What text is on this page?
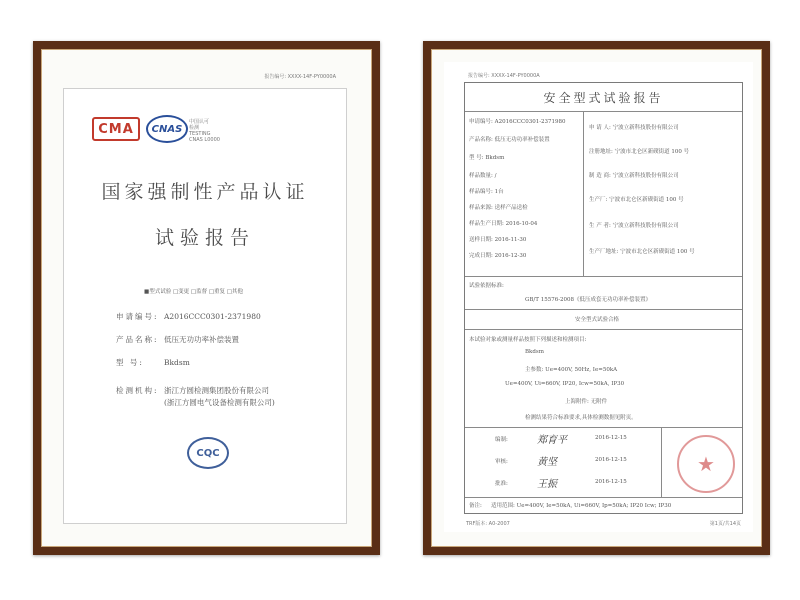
报告编号: XXXX-14F-PY0000A
CMA	CNAS
中国认可
检测
TESTING
CNAS L0000
国家强制性产品认证
试验报告
■型式试验 □变更 □监督 □重复 □其他
申请编号: A2016CCC0301-2371980
产品名称: 低压无功功率补偿装置
型 号:	Bkdsm
检测机构: 浙江方圆检测集团股份有限公司
(浙江方圆电气设备检测有限公司)
CQC
报告编号: XXXX-14F-PY0000A
安全型式试验报告
申请编号: A2016CCC0301-2371980
产品名称: 低压无功功率补偿装置
型 号: Bkdsm
样品数量: /
样品编号: 1台
样品来源: 送样产品送检
样品生产日期: 2016-10-04
送样日期: 2016-11-30
完成日期: 2016-12-30
申 请 人: 宁波立新科技股份有限公司
注册地址: 宁波市北仑区新碶街道 100 号
制 造 商: 宁波立新科技股份有限公司
生产厂: 宁波市北仑区新碶街道 100 号
生 产 者: 宁波立新科技股份有限公司
生产厂地址: 宁波市北仑区新碶街道 100 号
试验依据标准:
GB/T 15576-2008《低压成套无功功率补偿装置》
安全型式试验合格
本试验对象或测量样品按照下列描述和检测项目:
Bkdsm
主参数: Ue=400V, 50Hz, Ie=50kA
Ue=400V, Ui=660V, IP20, Icw=50kA, IP30
上海附件: 无附件
检测结果符合标准要求,具体检测数据见附页。
编制:	郑育平	2016-12-15
审核:	黄坚	2016-12-15
批准:	王振	2016-12-15
★
备注: 适用范围: Ue=400V, Ie=50kA, Ui=660V, Ip=50kA; IP20 Icw; IP30
TRF版本: A0-2007	第1页/共14页
